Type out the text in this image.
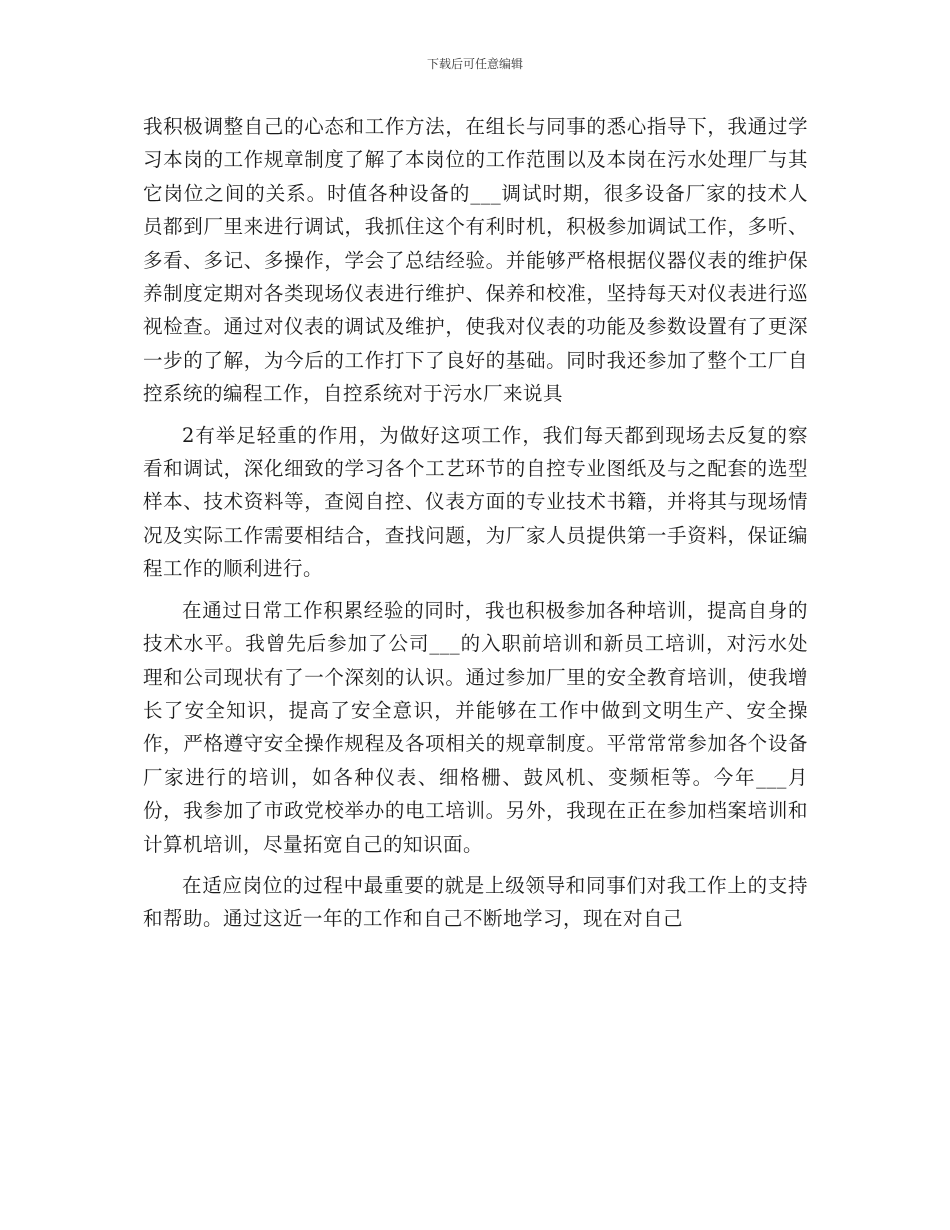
下载后可任意编辑

我积极调整自己的心态和工作方法，在组长与同事的悉心指导下，我通过学习本岗的工作规章制度了解了本岗位的工作范围以及本岗在污水处理厂与其它岗位之间的关系。时值各种设备的___调试时期，很多设备厂家的技术人员都到厂里来进行调试，我抓住这个有利时机，积极参加调试工作，多听、多看、多记、多操作，学会了总结经验。并能够严格根据仪器仪表的维护保养制度定期对各类现场仪表进行维护、保养和校准，坚持每天对仪表进行巡视检查。通过对仪表的调试及维护，使我对仪表的功能及参数设置有了更深一步的了解，为今后的工作打下了良好的基础。同时我还参加了整个工厂自控系统的编程工作，自控系统对于污水厂来说具

2有举足轻重的作用，为做好这项工作，我们每天都到现场去反复的察看和调试，深化细致的学习各个工艺环节的自控专业图纸及与之配套的选型样本、技术资料等，查阅自控、仪表方面的专业技术书籍，并将其与现场情况及实际工作需要相结合，查找问题，为厂家人员提供第一手资料，保证编程工作的顺利进行。

在通过日常工作积累经验的同时，我也积极参加各种培训，提高自身的技术水平。我曾先后参加了公司___的入职前培训和新员工培训，对污水处理和公司现状有了一个深刻的认识。通过参加厂里的安全教育培训，使我增长了安全知识，提高了安全意识，并能够在工作中做到文明生产、安全操作，严格遵守安全操作规程及各项相关的规章制度。平常常常参加各个设备厂家进行的培训，如各种仪表、细格栅、鼓风机、变频柜等。今年___月份，我参加了市政党校举办的电工培训。另外，我现在正在参加档案培训和计算机培训，尽量拓宽自己的知识面。

在适应岗位的过程中最重要的就是上级领导和同事们对我工作上的支持和帮助。通过这近一年的工作和自己不断地学习，现在对自己
